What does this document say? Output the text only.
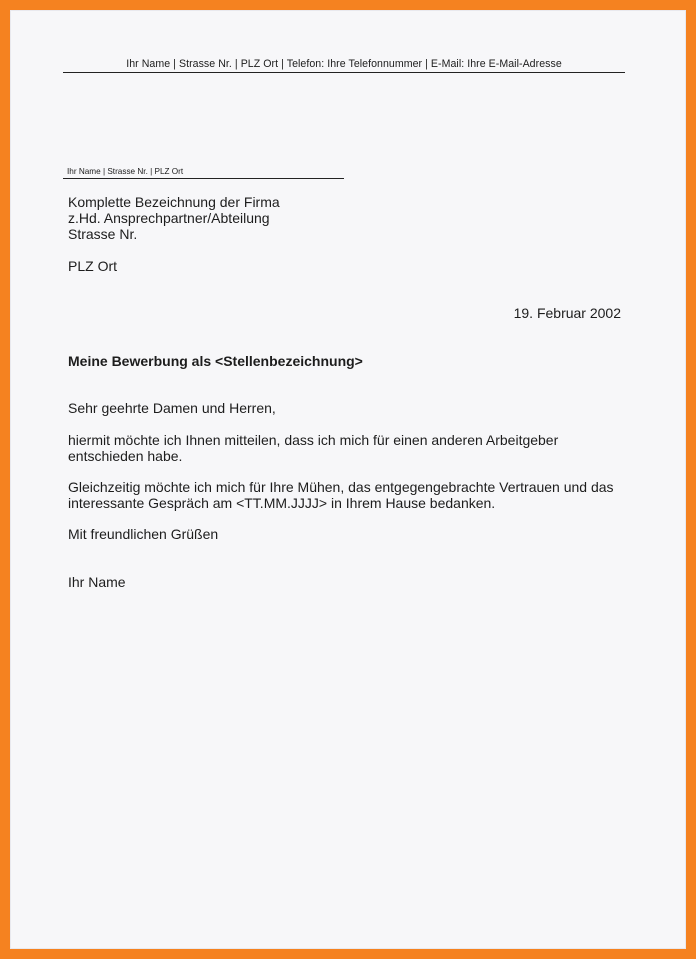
Ihr Name | Strasse Nr. | PLZ Ort | Telefon: Ihre Telefonnummer | E-Mail: Ihre E-Mail-Adresse
Ihr Name | Strasse Nr. | PLZ Ort
Komplette Bezeichnung der Firma
z.Hd. Ansprechpartner/Abteilung
Strasse Nr.
PLZ Ort
19. Februar 2002
Meine Bewerbung als <Stellenbezeichnung>
Sehr geehrte Damen und Herren,
hiermit möchte ich Ihnen mitteilen, dass ich mich für einen anderen Arbeitgeber
entschieden habe.
Gleichzeitig möchte ich mich für Ihre Mühen, das entgegengebrachte Vertrauen und das
interessante Gespräch am <TT.MM.JJJJ> in Ihrem Hause bedanken.
Mit freundlichen Grüßen
Ihr Name
